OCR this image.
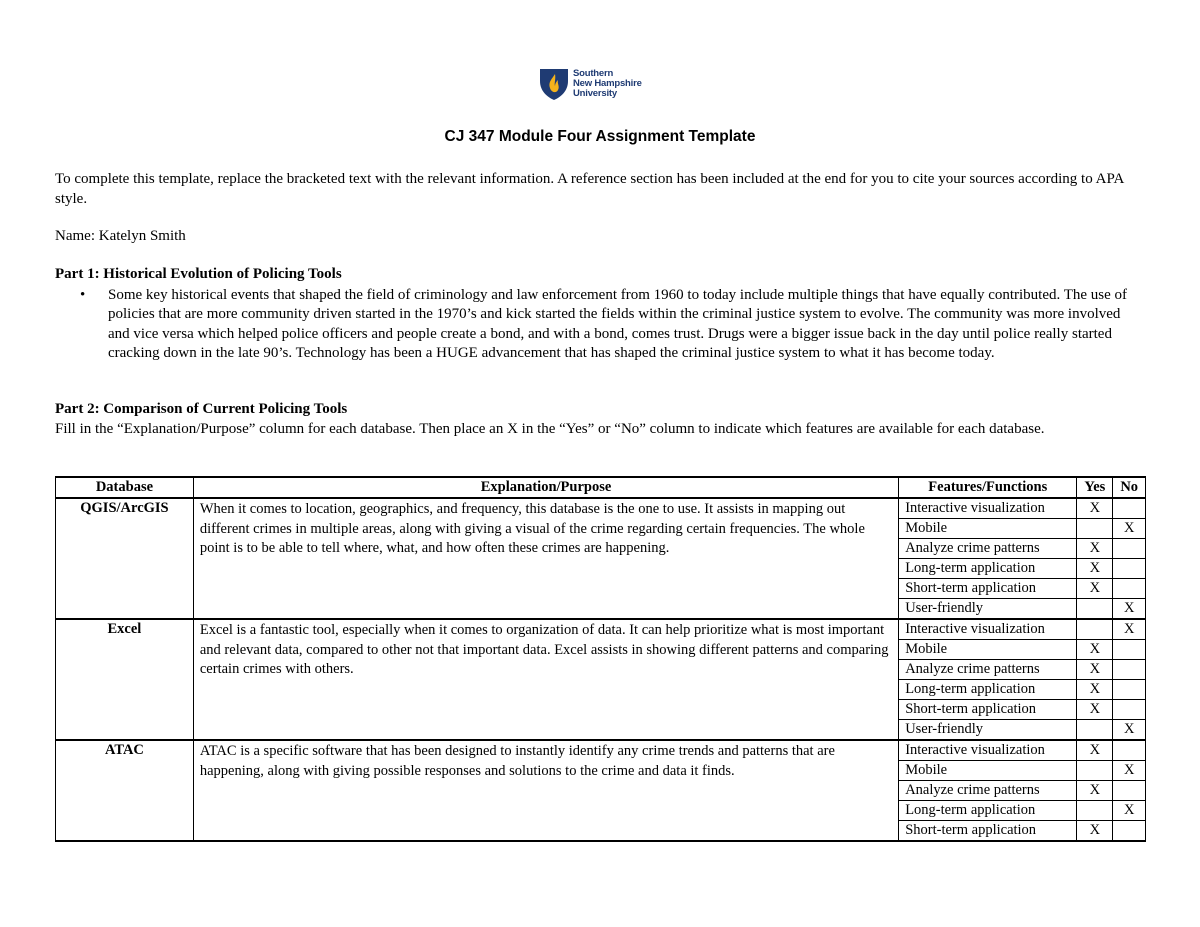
Southern
New Hampshire
University
CJ 347 Module Four Assignment Template
To complete this template, replace the bracketed text with the relevant information. A reference section has been included at the end for you to cite your sources according to APA style.
Name: Katelyn Smith
Part 1: Historical Evolution of Policing Tools
• Some key historical events that shaped the field of criminology and law enforcement from 1960 to today include multiple things that have equally contributed. The use of policies that are more community driven started in the 1970’s and kick started the fields within the criminal justice system to evolve. The community was more involved and vice versa which helped police officers and people create a bond, and with a bond, comes trust. Drugs were a bigger issue back in the day until police really started cracking down in the late 90’s. Technology has been a HUGE advancement that has shaped the criminal justice system to what it has become today.
Part 2: Comparison of Current Policing Tools
Fill in the “Explanation/Purpose” column for each database. Then place an X in the “Yes” or “No” column to indicate which features are available for each database.
Database	Explanation/Purpose	Features/Functions	Yes	No
QGIS/ArcGIS	When it comes to location, geographics, and frequency, this database is the one to use. It assists in mapping out different crimes in multiple areas, along with giving a visual of the crime regarding certain frequencies. The whole point is to be able to tell where, what, and how often these crimes are happening.	Interactive visualization	X	
		Mobile		X
		Analyze crime patterns	X	
		Long-term application	X	
		Short-term application	X	
		User-friendly		X
Excel	Excel is a fantastic tool, especially when it comes to organization of data. It can help prioritize what is most important and relevant data, compared to other not that important data. Excel assists in showing different patterns and comparing certain crimes with others.	Interactive visualization		X
		Mobile	X	
		Analyze crime patterns	X	
		Long-term application	X	
		Short-term application	X	
		User-friendly		X
ATAC	ATAC is a specific software that has been designed to instantly identify any crime trends and patterns that are happening, along with giving possible responses and solutions to the crime and data it finds.	Interactive visualization	X	
		Mobile		X
		Analyze crime patterns	X	
		Long-term application		X
		Short-term application	X	
